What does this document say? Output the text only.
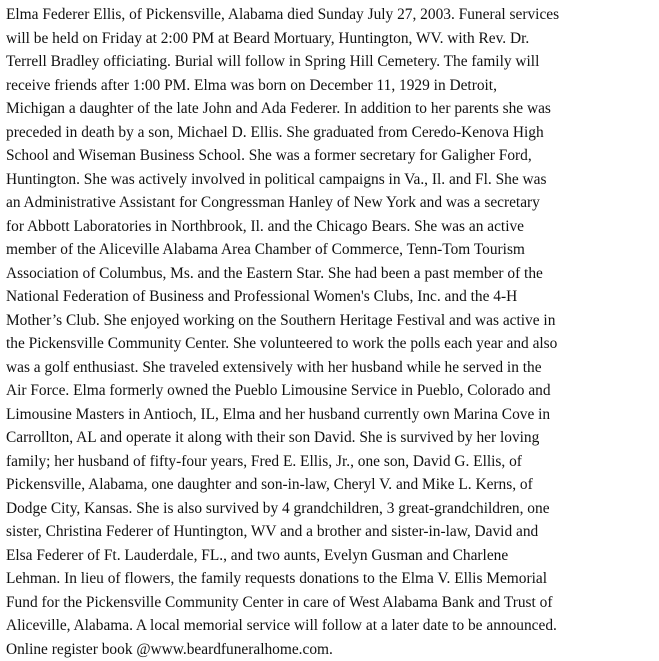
Elma Federer Ellis, of Pickensville, Alabama died Sunday July 27, 2003. Funeral services
will be held on Friday at 2:00 PM at Beard Mortuary, Huntington, WV. with Rev. Dr.
Terrell Bradley officiating. Burial will follow in Spring Hill Cemetery. The family will
receive friends after 1:00 PM. Elma was born on December 11, 1929 in Detroit,
Michigan a daughter of the late John and Ada Federer. In addition to her parents she was
preceded in death by a son, Michael D. Ellis. She graduated from Ceredo-Kenova High
School and Wiseman Business School. She was a former secretary for Galigher Ford,
Huntington. She was actively involved in political campaigns in Va., Il. and Fl. She was
an Administrative Assistant for Congressman Hanley of New York and was a secretary
for Abbott Laboratories in Northbrook, Il. and the Chicago Bears. She was an active
member of the Aliceville Alabama Area Chamber of Commerce, Tenn-Tom Tourism
Association of Columbus, Ms. and the Eastern Star. She had been a past member of the
National Federation of Business and Professional Women's Clubs, Inc. and the 4-H
Mother’s Club. She enjoyed working on the Southern Heritage Festival and was active in
the Pickensville Community Center. She volunteered to work the polls each year and also
was a golf enthusiast. She traveled extensively with her husband while he served in the
Air Force. Elma formerly owned the Pueblo Limousine Service in Pueblo, Colorado and
Limousine Masters in Antioch, IL, Elma and her husband currently own Marina Cove in
Carrollton, AL and operate it along with their son David. She is survived by her loving
family; her husband of fifty-four years, Fred E. Ellis, Jr., one son, David G. Ellis, of
Pickensville, Alabama, one daughter and son-in-law, Cheryl V. and Mike L. Kerns, of
Dodge City, Kansas. She is also survived by 4 grandchildren, 3 great-grandchildren, one
sister, Christina Federer of Huntington, WV and a brother and sister-in-law, David and
Elsa Federer of Ft. Lauderdale, FL., and two aunts, Evelyn Gusman and Charlene
Lehman. In lieu of flowers, the family requests donations to the Elma V. Ellis Memorial
Fund for the Pickensville Community Center in care of West Alabama Bank and Trust of
Aliceville, Alabama. A local memorial service will follow at a later date to be announced.
Online register book @www.beardfuneralhome.com.
